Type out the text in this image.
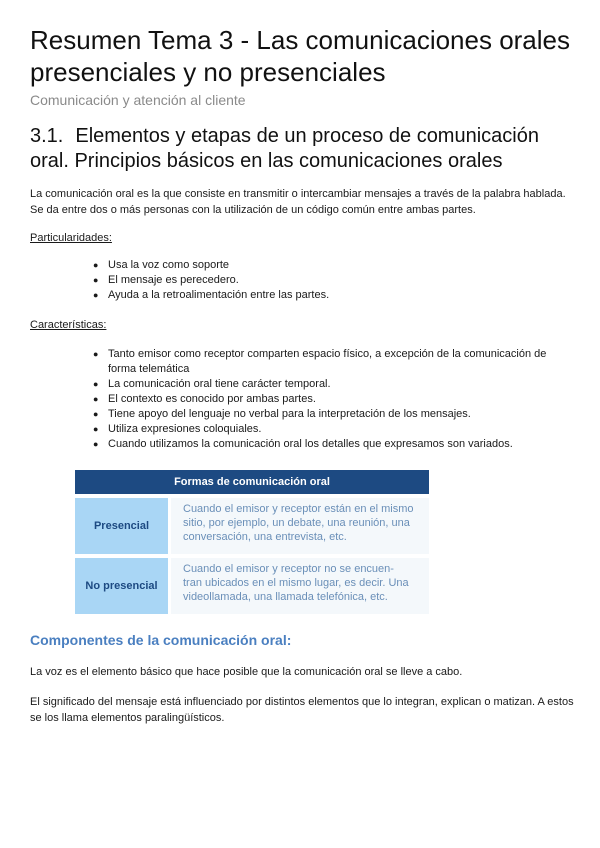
Resumen Tema 3 - Las comunicaciones orales
presenciales y no presenciales
Comunicación y atención al cliente
3.1. Elementos y etapas de un proceso de comunicación
oral. Principios básicos en las comunicaciones orales
La comunicación oral es la que consiste en transmitir o intercambiar mensajes a través de la palabra hablada.
Se da entre dos o más personas con la utilización de un código común entre ambas partes.
Particularidades:
● Usa la voz como soporte
● El mensaje es perecedero.
● Ayuda a la retroalimentación entre las partes.
Características:
● Tanto emisor como receptor comparten espacio físico, a excepción de la comunicación de
forma telemática
● La comunicación oral tiene carácter temporal.
● El contexto es conocido por ambas partes.
● Tiene apoyo del lenguaje no verbal para la interpretación de los mensajes.
● Utiliza expresiones coloquiales.
● Cuando utilizamos la comunicación oral los detalles que expresamos son variados.
Formas de comunicación oral
Presencial
Cuando el emisor y receptor están en el mismo
sitio, por ejemplo, un debate, una reunión, una
conversación, una entrevista, etc.
No presencial
Cuando el emisor y receptor no se encuen-
tran ubicados en el mismo lugar, es decir. Una
videollamada, una llamada telefónica, etc.
Componentes de la comunicación oral:
La voz es el elemento básico que hace posible que la comunicación oral se lleve a cabo.
El significado del mensaje está influenciado por distintos elementos que lo integran, explican o matizan. A estos
se los llama elementos paralingüísticos.
